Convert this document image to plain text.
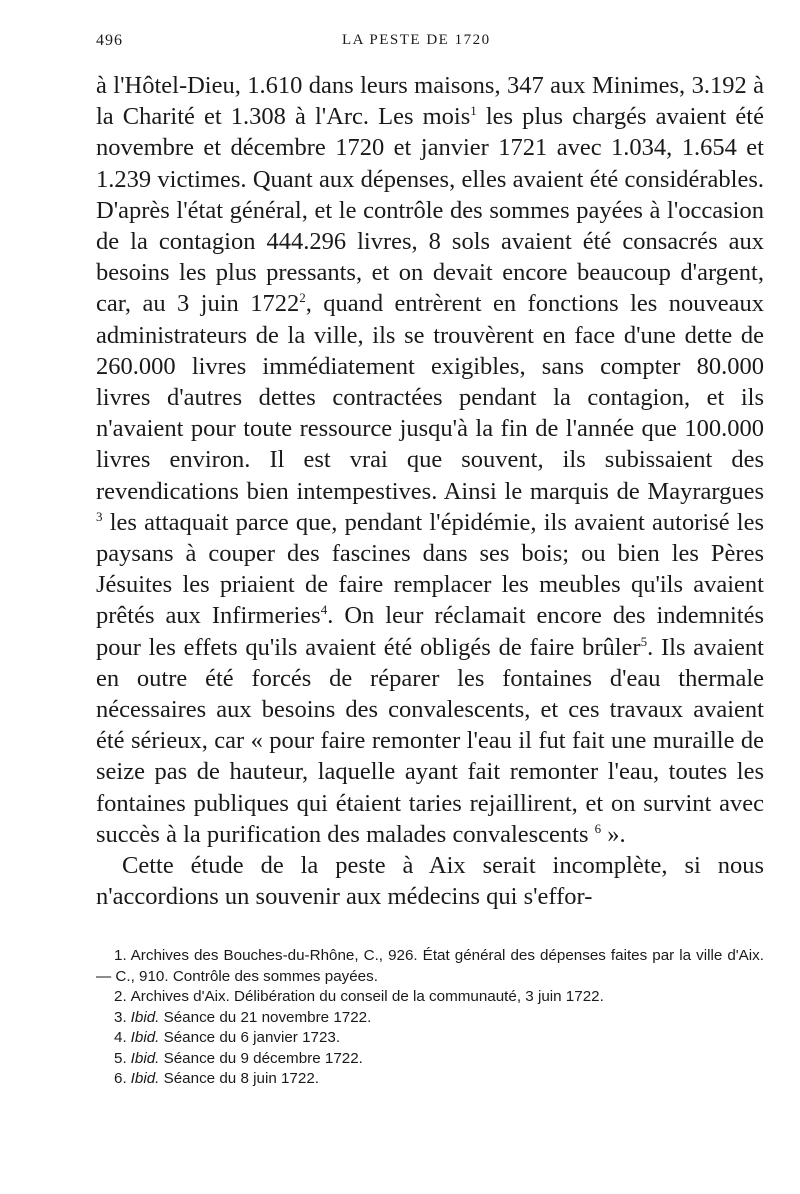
496	LA PESTE DE 1720

à l'Hôtel-Dieu, 1.610 dans leurs maisons, 347 aux Minimes, 3.192 à la Charité et 1.308 à l'Arc. Les mois$^1$ les plus chargés avaient été novembre et décembre 1720 et janvier 1721 avec 1.034, 1.654 et 1.239 victimes. Quant aux dépenses, elles avaient été considérables. D'après l'état général, et le contrôle des sommes payées à l'occasion de la contagion 444.296 livres, 8 sols avaient été consacrés aux besoins les plus pressants, et on devait encore beaucoup d'argent, car, au 3 juin 1722$^2$, quand entrèrent en fonctions les nouveaux administrateurs de la ville, ils se trouvèrent en face d'une dette de 260.000 livres immédiatement exigibles, sans compter 80.000 livres d'autres dettes contractées pendant la contagion, et ils n'avaient pour toute ressource jusqu'à la fin de l'année que 100.000 livres environ. Il est vrai que souvent, ils subissaient des revendications bien intempestives. Ainsi le marquis de Mayrargues $^3$ les attaquait parce que, pendant l'épidémie, ils avaient autorisé les paysans à couper des fascines dans ses bois; ou bien les Pères Jésuites les priaient de faire remplacer les meubles qu'ils avaient prêtés aux Infirmeries$^4$. On leur réclamait encore des indemnités pour les effets qu'ils avaient été obligés de faire brûler$^5$. Ils avaient en outre été forcés de réparer les fontaines d'eau thermale nécessaires aux besoins des convalescents, et ces travaux avaient été sérieux, car « pour faire remonter l'eau il fut fait une muraille de seize pas de hauteur, laquelle ayant fait remonter l'eau, toutes les fontaines publiques qui étaient taries rejaillirent, et on survint avec succès à la purification des malades convalescents $^6$ ».

Cette étude de la peste à Aix serait incomplète, si nous n'accordions un souvenir aux médecins qui s'effor-

1. Archives des Bouches-du-Rhône, C., 926. État général des dépenses faites par la ville d'Aix. — C., 910. Contrôle des sommes payées.

2. Archives d'Aix. Délibération du conseil de la communauté, 3 juin 1722.

3. Ibid. Séance du 21 novembre 1722.

4. Ibid. Séance du 6 janvier 1723.

5. Ibid. Séance du 9 décembre 1722.

6. Ibid. Séance du 8 juin 1722.
